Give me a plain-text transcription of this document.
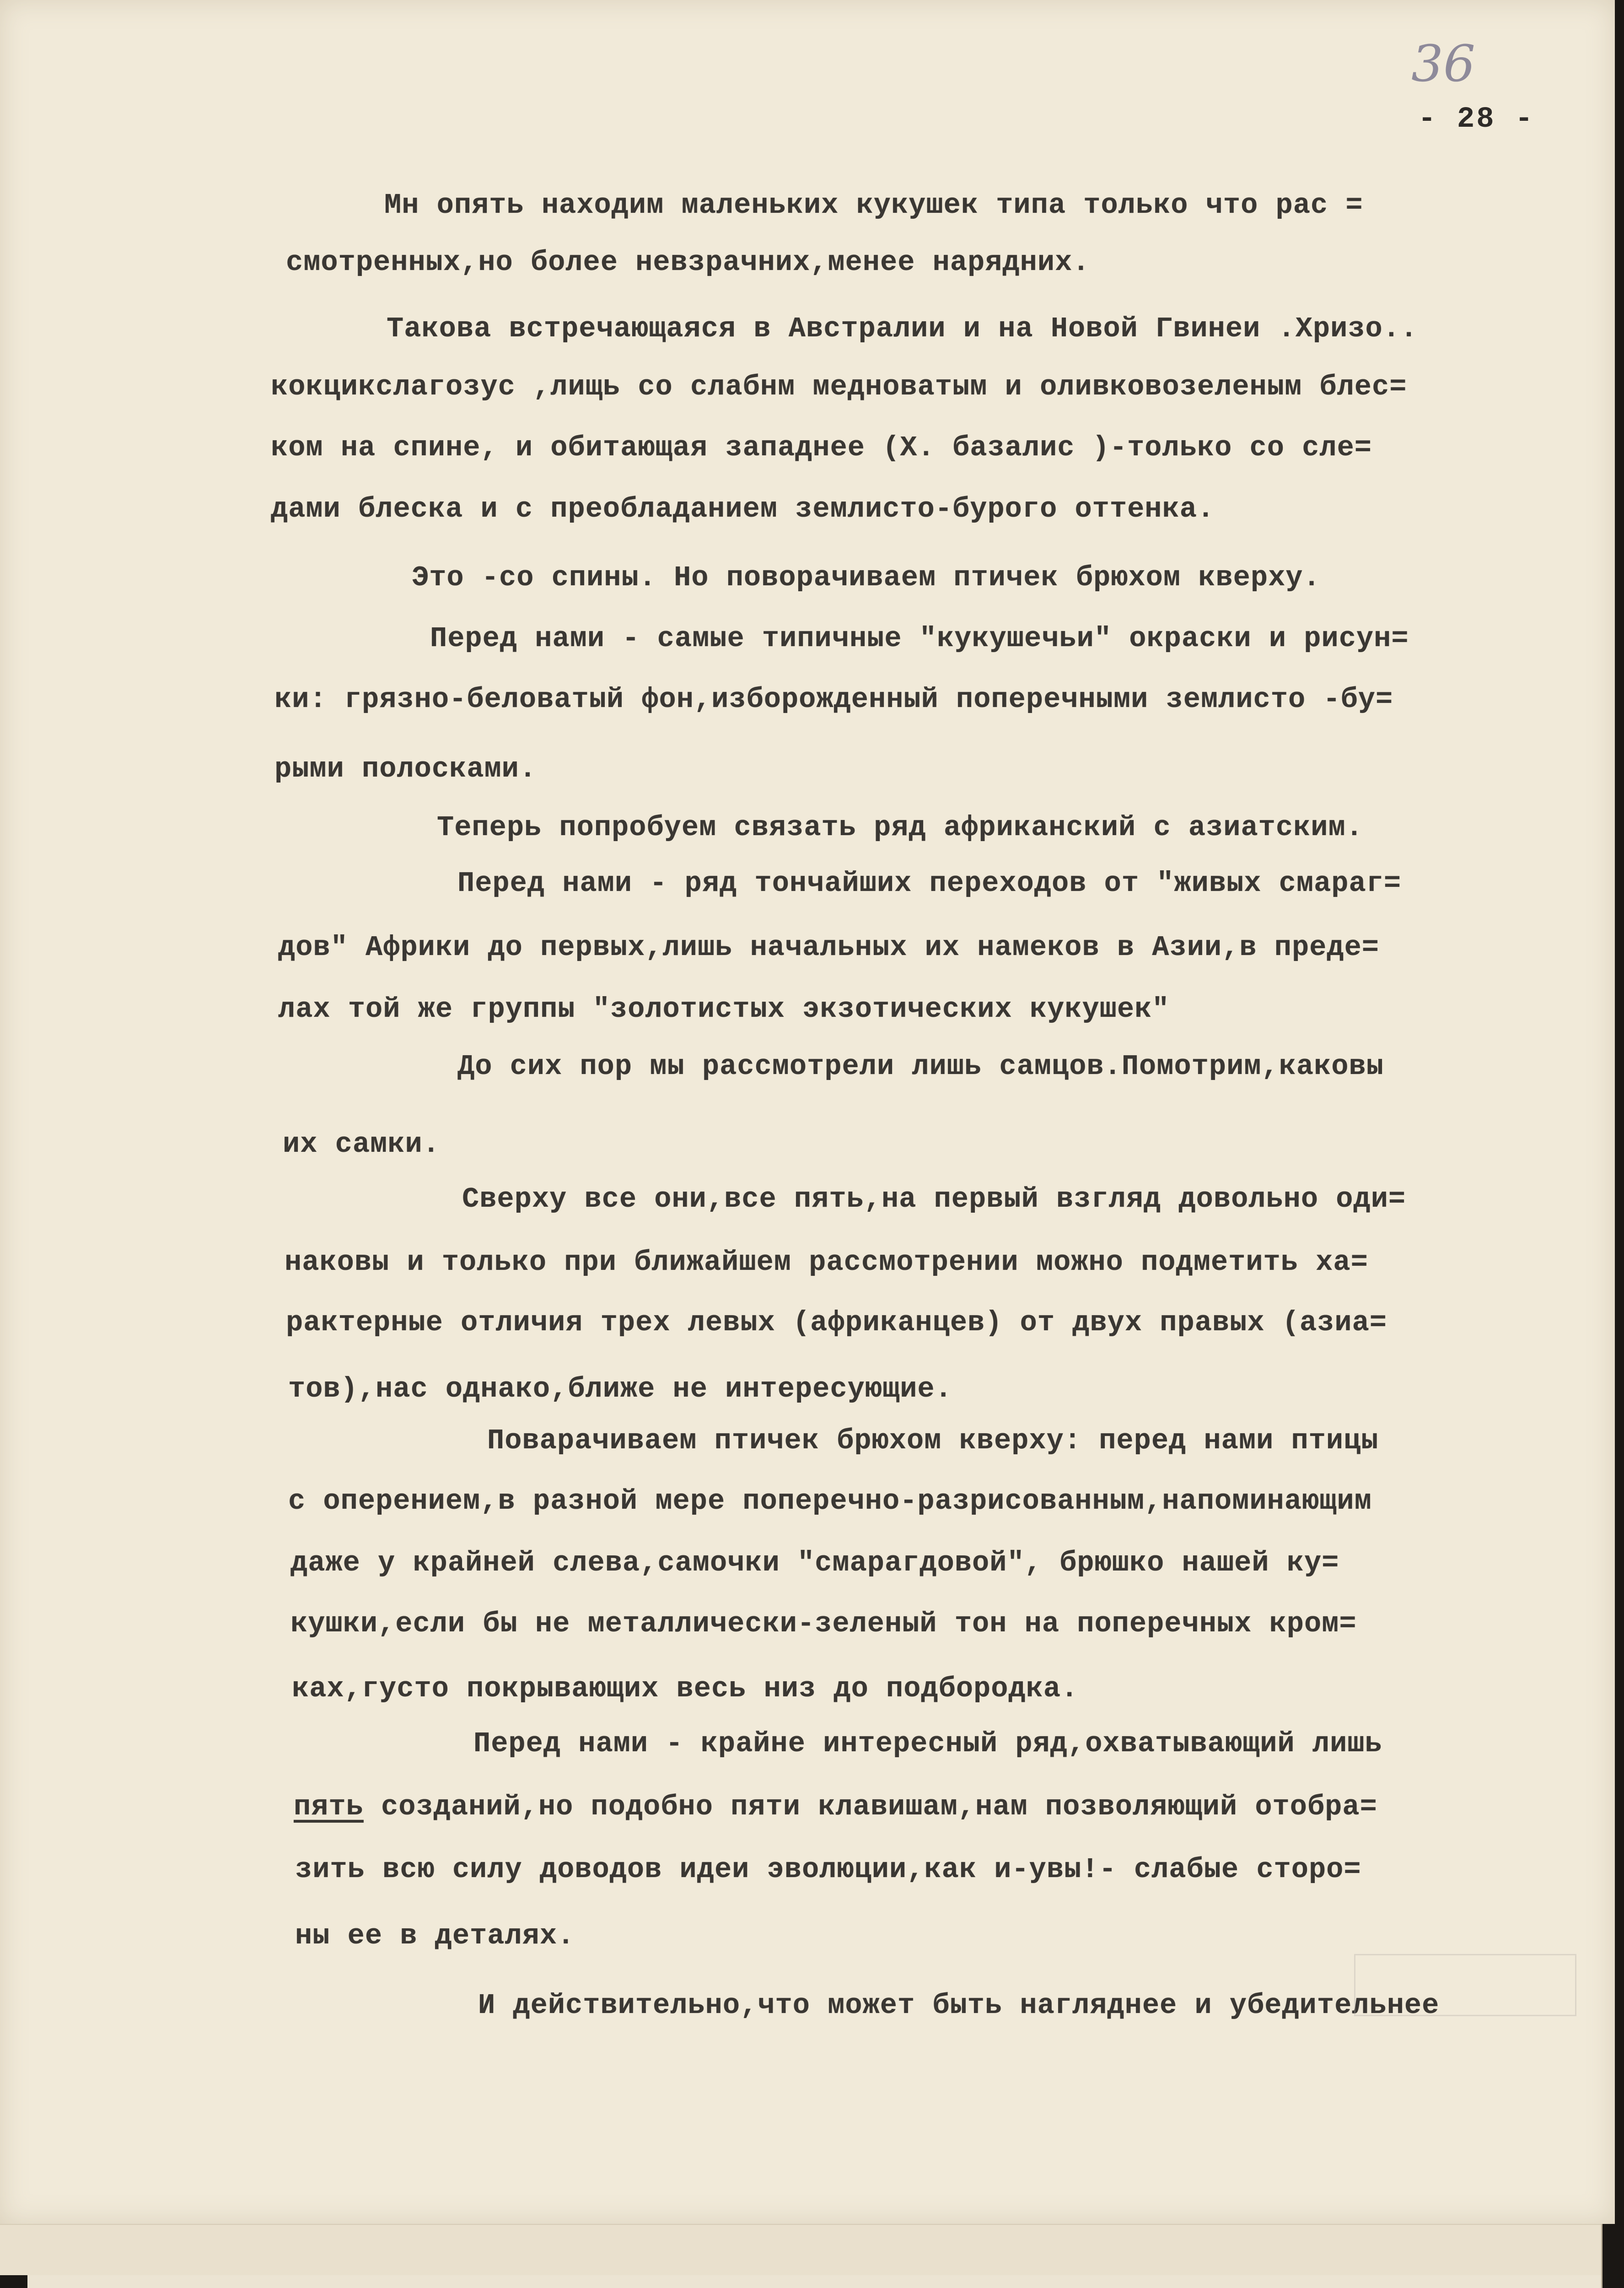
36
- 28 -
Мн опять находим маленьких кукушек типа только что рас =
смотренных,но более невзрачних,менее нарядних.
Такова встречающаяся в Австралии и на Новой Гвинеи .Хризо..
кокцикслагозус ,лищь со слабнм медноватым и оливковозеленым блес=
ком на спине, и обитающая западнее (Х. базалис )-только со сле=
дами блеска и с преобладанием землисто-бурого оттенка.
Это -со спины. Но поворачиваем птичек брюхом кверху.
Перед нами - самые типичные "кукушечьи" окраски и рисун=
ки: грязно-беловатый фон,изборожденный поперечными землисто -бу=
рыми полосками.
Теперь попробуем связать ряд африканский с азиатским.
Перед нами - ряд тончайших переходов от "живых смараг=
дов" Африки до первых,лишь начальных их намеков в Азии,в преде=
лах той же группы "золотистых экзотических кукушек"
До сих пор мы рассмотрели лишь самцов.Помотрим,каковы
их самки.
Сверху все они,все пять,на первый взгляд довольно оди=
наковы и только при ближайшем рассмотрении можно подметить ха=
рактерные отличия трех левых (африканцев) от двух правых (азиа=
тов),нас однако,ближе не интересующие.
Поварачиваем птичек брюхом кверху: перед нами птицы
с оперением,в разной мере поперечно-разрисованным,напоминающим
даже у крайней слева,самочки "смарагдовой", брюшко нашей ку=
кушки,если бы не металлически-зеленый тон на поперечных кром=
ках,густо покрывающих весь низ до подбородка.
Перед нами - крайне интересный ряд,охватывающий лишь
пять созданий,но подобно пяти клавишам,нам позволяющий отобра=
зить всю силу доводов идеи эволюции,как и-увы!- слабые сторо=
ны ее в деталях.
И действительно,что может быть нагляднее и убедительнее
